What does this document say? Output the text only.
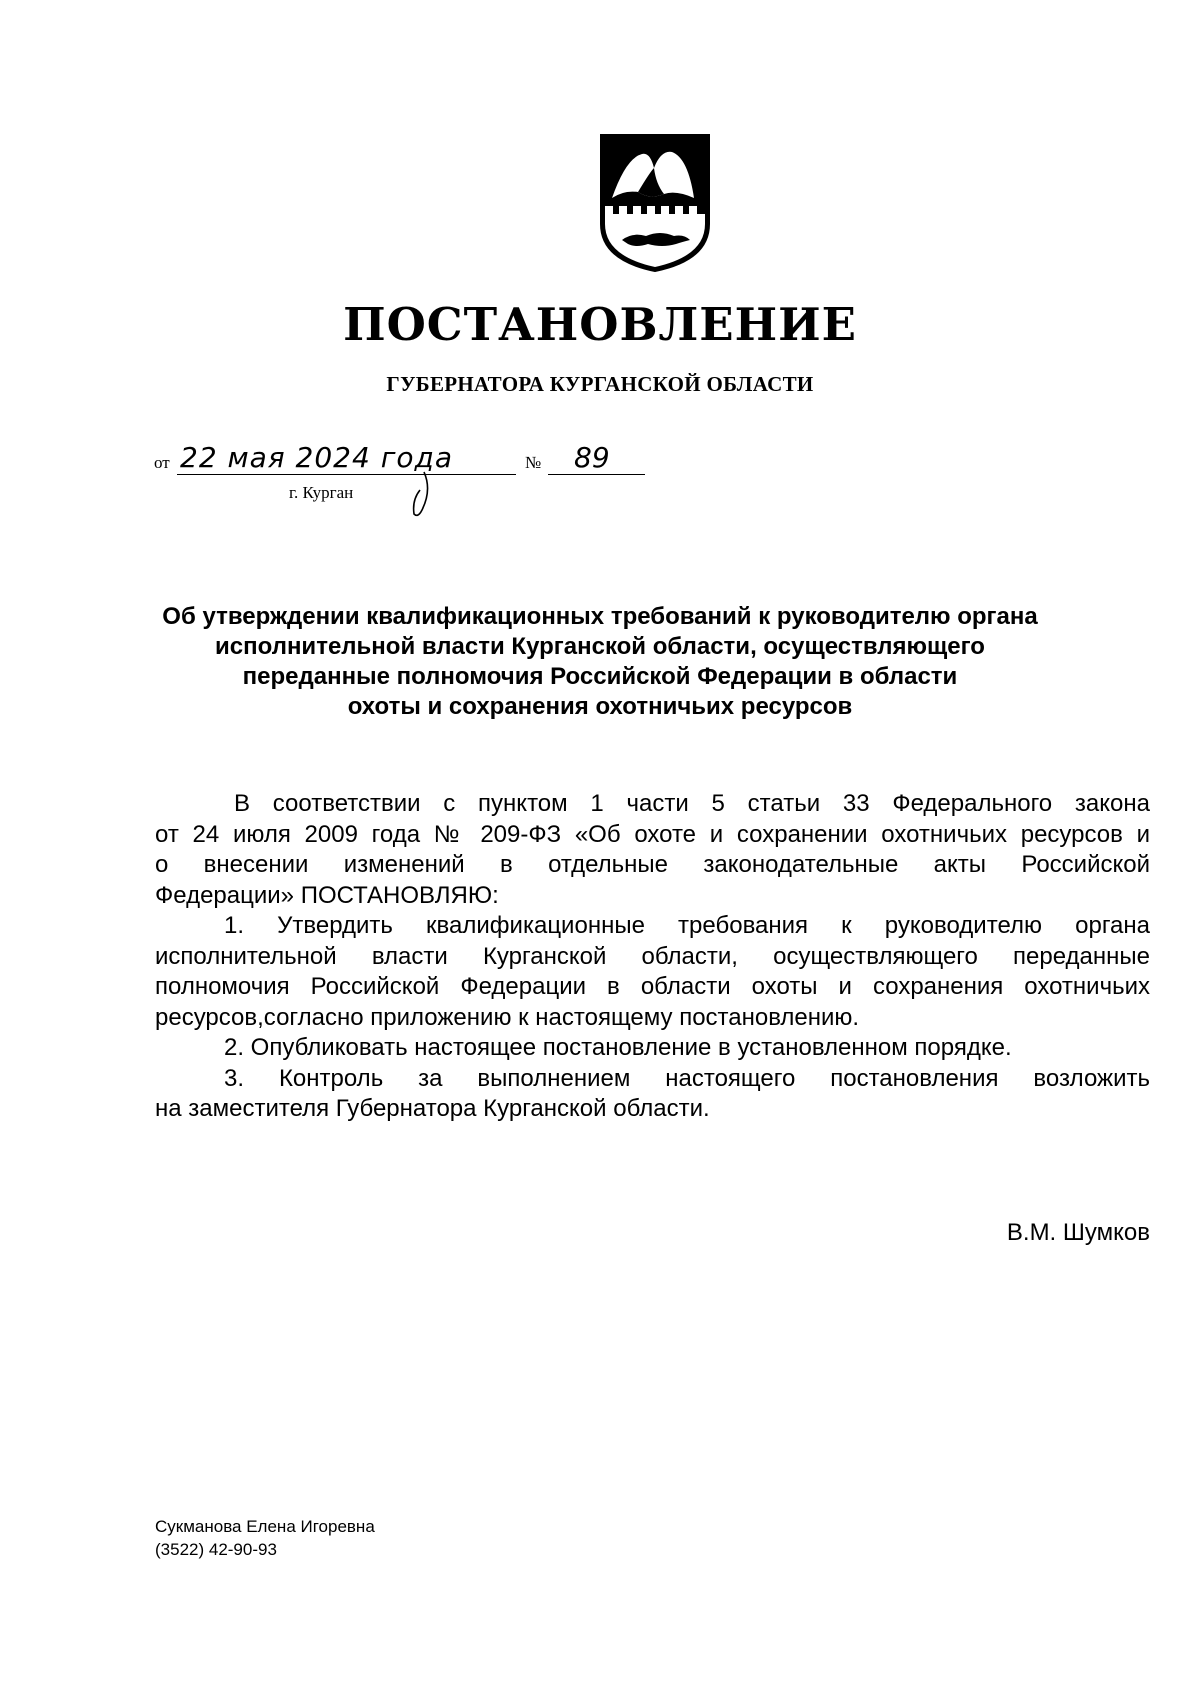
ПОСТАНОВЛЕНИЕ
ГУБЕРНАТОРА КУРГАНСКОЙ ОБЛАСТИ
от 22 мая 2024 года	№ 89
г. Курган
Об утверждении квалификационных требований к руководителю органа
исполнительной власти Курганской области, осуществляющего
переданные полномочия Российской Федерации в области
охоты и сохранения охотничьих ресурсов
В соответствии с пунктом 1 части 5 статьи 33 Федерального закона
от 24 июля 2009 года № 209-ФЗ «Об охоте и сохранении охотничьих ресурсов и
о внесении изменений в отдельные законодательные акты Российской
Федерации» ПОСТАНОВЛЯЮ:
1. Утвердить квалификационные требования к руководителю органа
исполнительной власти Курганской области, осуществляющего переданные
полномочия Российской Федерации в области охоты и сохранения охотничьих
ресурсов,согласно приложению к настоящему постановлению.
2. Опубликовать настоящее постановление в установленном порядке.
3. Контроль за выполнением настоящего постановления возложить
на заместителя Губернатора Курганской области.
В.М. Шумков
Сукманова Елена Игоревна
(3522) 42-90-93
